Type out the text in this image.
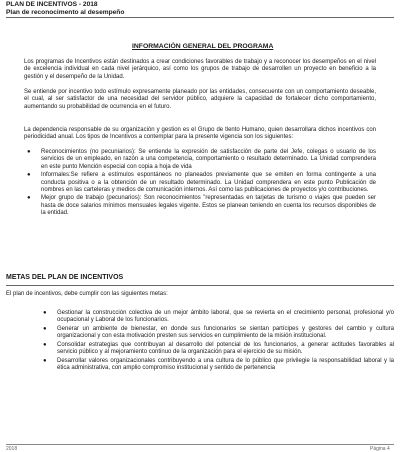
PLAN DE INCENTIVOS - 2018
Plan de reconocimento al desempeño
INFORMACIÓN GENERAL DEL PROGRAMA

Los programas de Incentivos están destinados a crear condiciones favorables de trabajo y a reconocer los desempeños en el nivel de excelencia individual en cada nivel jerárquico, así como los grupos de trabajo de desarrollen un proyecto en beneficio a la gestión y el desempeño de la Unidad.

Se entiende por incentivo todo estímulo expresamente planeado por las entidades, consecuente con un comportamiento deseable, el cual, al ser satisfactor de una necesidad del servidor público, adquiere la capacidad de fortalecer dicho comportamiento, aumentando su probabilidad de ocurrencia en el futuro.

La dependencia responsable de su organización y gestion es el Grupo de tlento Humano, quien desarrollara dichos incentivos con periodicidad anual. Los tipos de Incentivos a contemplar para la presente vigencia son los siguientes:

● Reconocimientos (no pecuniarios): Se entiende la expresión de satisfacción de parte del Jefe, colegas o usuario de los servicios de un empleado, en razón a una competencia, comportamiento o resultado determinado. La Unidad comprendera en este punto Mención especial con copia a hoja de vida
● Informales:Se refiere a estímulos espontáneos no planeados previamente que se emiten en forma contingente a una conducta positiva o a la obtención de un resultado determinado. La Unidad comprendera en este punto Publicación de nombres en las carteleras y medios de comunicación internos. Así como las publicaciones de proyectos y/o contribuciones.
● Mejor grupo de trabajo (pecunarios): Son reconocimientos "representadas en tarjetas de turismo o viajes que pueden ser hasta de doce salarios mínimos mensuales legales vigente. Estos se planean teniendo en cuenta los recursos disponibles de la entidad.
METAS DEL PLAN DE INCENTIVOS

El plan de incentivos, debe cumplir con las siguientes metas:

● Gestionar la construcción colectiva de un mejor ámbito laboral, que se revierta en el crecimiento personal, profesional y/o ocupacional y Laboral de los funcionarios.
● Generar un ambiente de bienestar, en donde sus funcionarios se sientan partícipes y gestores del cambio y cultura organizacional y con esta motivación presten sus servicios en cumplimiento de la misión institucional.
● Consolidar estrategias que contribuyan al desarrollo del potencial de los funcionarios, a generar actitudes favorables al servicio público y al mejoramiento continuo de la organización para el ejercicio de su misión.
● Desarrollar valores organizacionales contribuyendo a una cultura de lo público que privilegie la responsabilidad laboral y la ética administrativa, con amplio compromiso institucional y sentido de pertenencia
2018	Página 4
